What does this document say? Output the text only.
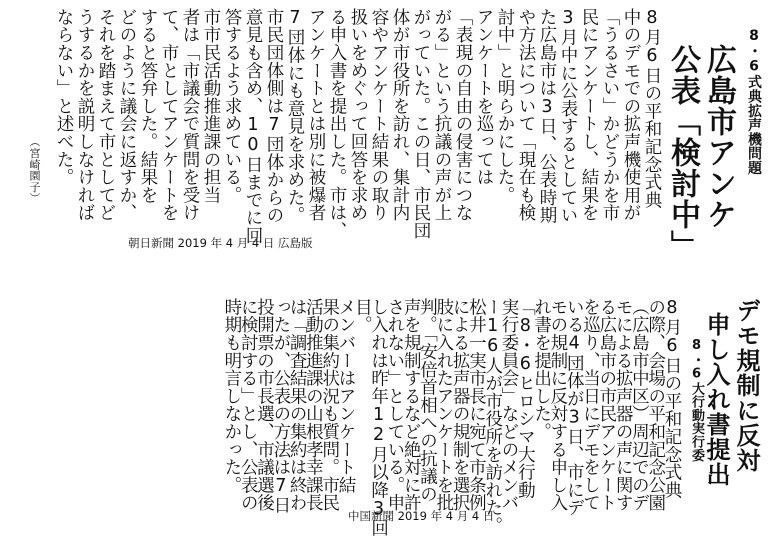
8・6式典拡声機問題
広島市アンケ
公表「検討中」
8月6日の平和記念式典
中のデモでの拡声機使用が
「うるさい」かどうかを市
民にアンケートし、結果を
3月中に公表するとしてい
た広島市は3日、公表時期
や方法について「現在も検
討中」と明らかにした。
アンケートを巡っては
「表現の自由の侵害につな
がる」という抗議の声が上
がっていた。この日、市民団
体が市役所を訪れ、集計内
容やアンケート結果の取り
扱いをめぐって回答を求め
る申入書を提出した。市は、
アンケートとは別に被爆者
7団体にも意見を求めた。
市民団体側は7団体からの
意見も含め、10日までに回
答するよう求めている。
市市民活動推進課の担当
者は「市議会で質問を受け
て、市としてアンケートを
すると答弁した。結果を
どのように議会に返すか、
それを踏まえて市としてど
うするかを説明しなければ
ならない」と述べた。
（宮崎園子）
朝日新聞 2019 年 4 月 4 日 広島版
デモ規制に反対
申し入れ書提出
8・6大行動実行委
8月6日の平和記念式典
の際、会場の平和記念公園
（広島市中区）周辺でのデ
モによる拡声器の声に関す
る広島市の市民アンケート
を巡り、当日にデモをして
いる4団体が3日、市にデ
モの規制に反対する申し入
れ書を提出した。
「8・6ヒロシマ大行動
実行委員会」などのメンバ
ー16人が市役所を訪れた。
松井一実市長に宛て市条例
による拡声器の規制を選択
肢に入れたアンケートを批
判。「安倍首相への抗議の
声を規制するなど絶対に許
されない」としている。申
し入れは昨年12月以降3回
目。
メンバーはアンケート結
果の集約状況も質問。市民
活動推進課の山根孝幸課長
は「調査結果の集約は終わ
ったが、公表の方法は7日
投開票の市長選、市議選後
に検討する」とし、公表の
時期も明言しなかった。
中国新聞 2019 年 4 月 4 日
